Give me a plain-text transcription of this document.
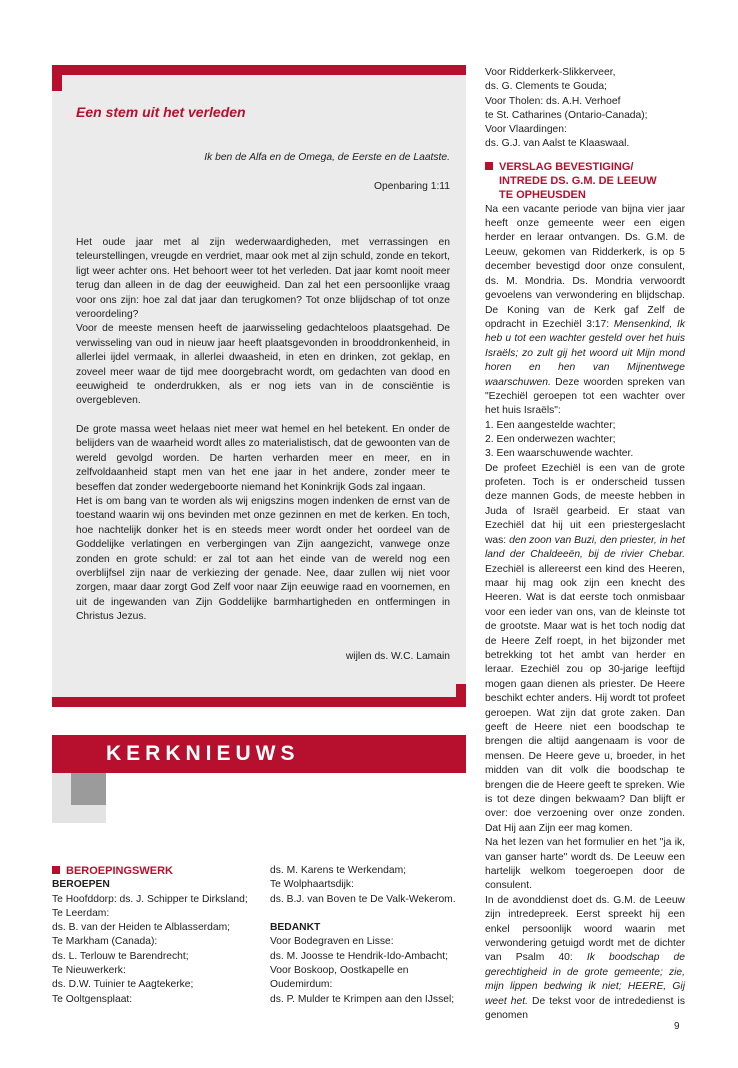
Een stem uit het verleden
Ik ben de Alfa en de Omega, de Eerste en de Laatste.
Openbaring 1:11

Het oude jaar met al zijn wederwaardigheden, met verrassingen en teleurstellingen, vreugde en verdriet, maar ook met al zijn schuld, zonde en tekort, ligt weer achter ons. Het behoort weer tot het verleden. Dat jaar komt nooit meer terug dan alleen in de dag der eeuwigheid. Dan zal het een persoonlijke vraag voor ons zijn: hoe zal dat jaar dan terugkomen? Tot onze blijdschap of tot onze veroordeling?

Voor de meeste mensen heeft de jaarwisseling gedachteloos plaatsgehad. De verwisseling van oud in nieuw jaar heeft plaatsgevonden in brooddronkenheid, in allerlei ijdel vermaak, in allerlei dwaasheid, in eten en drinken, zot geklap, en zoveel meer waar de tijd mee doorgebracht wordt, om gedachten van dood en eeuwigheid te onderdrukken, als er nog iets van in de consciëntie is overgebleven.

De grote massa weet helaas niet meer wat hemel en hel betekent. En onder de belijders van de waarheid wordt alles zo materialistisch, dat de gewoonten van de wereld gevolgd worden. De harten verharden meer en meer, en in zelfvoldaanheid stapt men van het ene jaar in het andere, zonder meer te beseffen dat zonder wedergeboorte niemand het Koninkrijk Gods zal ingaan.

Het is om bang van te worden als wij enigszins mogen indenken de ernst van de toestand waarin wij ons bevinden met onze gezinnen en met de kerken. En toch, hoe nachtelijk donker het is en steeds meer wordt onder het oordeel van de Goddelijke verlatingen en verbergingen van Zijn aangezicht, vanwege onze zonden en grote schuld: er zal tot aan het einde van de wereld nog een overblijfsel zijn naar de verkiezing der genade. Nee, daar zullen wij niet voor zorgen, maar daar zorgt God Zelf voor naar Zijn eeuwige raad en voornemen, en uit de ingewanden van Zijn Goddelijke barmhartigheden en ontfermingen in Christus Jezus.

wijlen ds. W.C. Lamain
KERKNIEUWS
BEROEPINGSWERK
BEROEPEN
Te Hoofddorp: ds. J. Schipper te Dirksland;
Te Leerdam:
ds. B. van der Heiden te Alblasserdam;
Te Markham (Canada):
ds. L. Terlouw te Barendrecht;
Te Nieuwerkerk:
ds. D.W. Tuinier te Aagtekerke;
Te Ooltgensplaat:
ds. M. Karens te Werkendam;
Te Wolphaartsdijk:
ds. B.J. van Boven te De Valk-Wekerom.
BEDANKT
Voor Bodegraven en Lisse:
ds. M. Joosse te Hendrik-Ido-Ambacht;
Voor Boskoop, Oostkapelle en
Oudemirdum:
ds. P. Mulder te Krimpen aan den IJssel;
Voor Ridderkerk-Slikkerveer,
ds. G. Clements te Gouda;
Voor Tholen: ds. A.H. Verhoef
te St. Catharines (Ontario-Canada);
Voor Vlaardingen:
ds. G.J. van Aalst te Klaaswaal.
VERSLAG BEVESTIGING/
INTREDE DS. G.M. DE LEEUW
TE OPHEUSDEN

Na een vacante periode van bijna vier jaar heeft onze gemeente weer een eigen herder en leraar ontvangen. Ds. G.M. de Leeuw, gekomen van Ridderkerk, is op 5 december bevestigd door onze consulent, ds. M. Mondria. Ds. Mondria verwoordt gevoelens van verwondering en blijdschap. De Koning van de Kerk gaf Zelf de opdracht in Ezechiël 3:17: Mensenkind, Ik heb u tot een wachter gesteld over het huis Israëls; zo zult gij het woord uit Mijn mond horen en hen van Mijnentwege waarschuwen. Deze woorden spreken van "Ezechiël geroepen tot een wachter over het huis Israëls":

1. Een aangestelde wachter;
2. Een onderwezen wachter;
3. Een waarschuwende wachter.

De profeet Ezechiël is een van de grote profeten. Toch is er onderscheid tussen deze mannen Gods, de meeste hebben in Juda of Israël gearbeid. Er staat van Ezechiël dat hij uit een priestergeslacht was: den zoon van Buzi, den priester, in het land der Chaldeeën, bij de rivier Chebar. Ezechiël is allereerst een kind des Heeren, maar hij mag ook zijn een knecht des Heeren. Wat is dat eerste toch onmisbaar voor een ieder van ons, van de kleinste tot de grootste. Maar wat is het toch nodig dat de Heere Zelf roept, in het bijzonder met betrekking tot het ambt van herder en leraar. Ezechiël zou op 30-jarige leeftijd mogen gaan dienen als priester. De Heere beschikt echter anders. Hij wordt tot profeet geroepen. Wat zijn dat grote zaken. Dan geeft de Heere niet een boodschap te brengen die altijd aangenaam is voor de mensen. De Heere geve u, broeder, in het midden van dit volk die boodschap te brengen die de Heere geeft te spreken. Wie is tot deze dingen bekwaam? Dan blijft er over: doe verzoening over onze zonden. Dat Hij aan Zijn eer mag komen.

Na het lezen van het formulier en het "ja ik, van ganser harte" wordt ds. De Leeuw een hartelijk welkom toegeroepen door de consulent.

In de avonddienst doet ds. G.M. de Leeuw zijn intredepreek. Eerst spreekt hij een enkel persoonlijk woord waarin met verwondering getuigd wordt met de dichter van Psalm 40: Ik boodschap de gerechtigheid in de grote gemeente; zie, mijn lippen bedwing ik niet; HEERE, Gij weet het. De tekst voor de intrededienst is genomen

9
